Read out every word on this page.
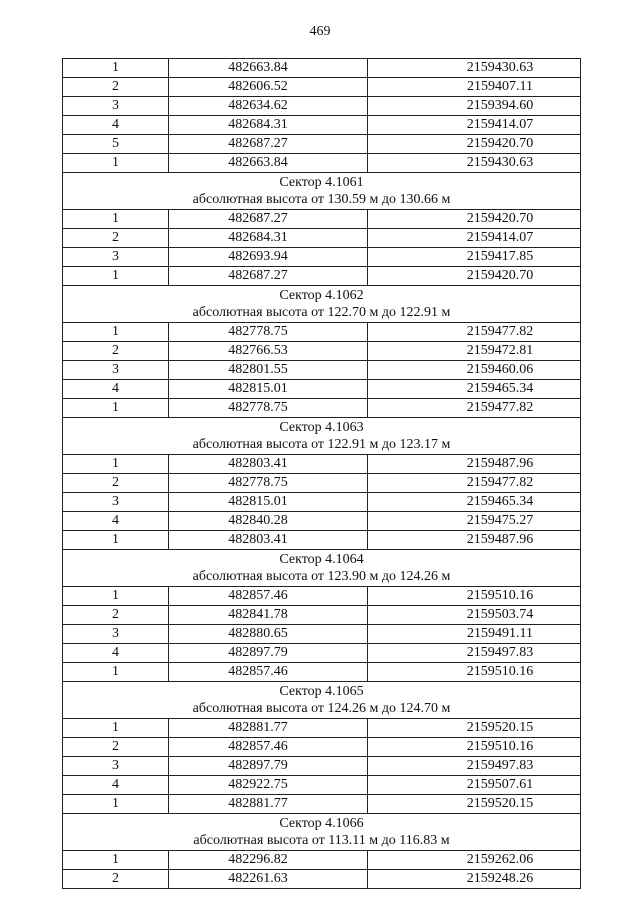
469
1	482663.84	2159430.63
2	482606.52	2159407.11
3	482634.62	2159394.60
4	482684.31	2159414.07
5	482687.27	2159420.70
1	482663.84	2159430.63

Сектор 4.1061
абсолютная высота от 130.59 м до 130.66 м		

1	482687.27	2159420.70
2	482684.31	2159414.07
3	482693.94	2159417.85
1	482687.27	2159420.70

Сектор 4.1062
абсолютная высота от 122.70 м до 122.91 м		

1	482778.75	2159477.82
2	482766.53	2159472.81
3	482801.55	2159460.06
4	482815.01	2159465.34
1	482778.75	2159477.82

Сектор 4.1063
абсолютная высота от 122.91 м до 123.17 м		

1	482803.41	2159487.96
2	482778.75	2159477.82
3	482815.01	2159465.34
4	482840.28	2159475.27
1	482803.41	2159487.96

Сектор 4.1064
абсолютная высота от 123.90 м до 124.26 м		

1	482857.46	2159510.16
2	482841.78	2159503.74
3	482880.65	2159491.11
4	482897.79	2159497.83
1	482857.46	2159510.16

Сектор 4.1065
абсолютная высота от 124.26 м до 124.70 м		

1	482881.77	2159520.15
2	482857.46	2159510.16
3	482897.79	2159497.83
4	482922.75	2159507.61
1	482881.77	2159520.15

Сектор 4.1066
абсолютная высота от 113.11 м до 116.83 м		

1	482296.82	2159262.06
2	482261.63	2159248.26
